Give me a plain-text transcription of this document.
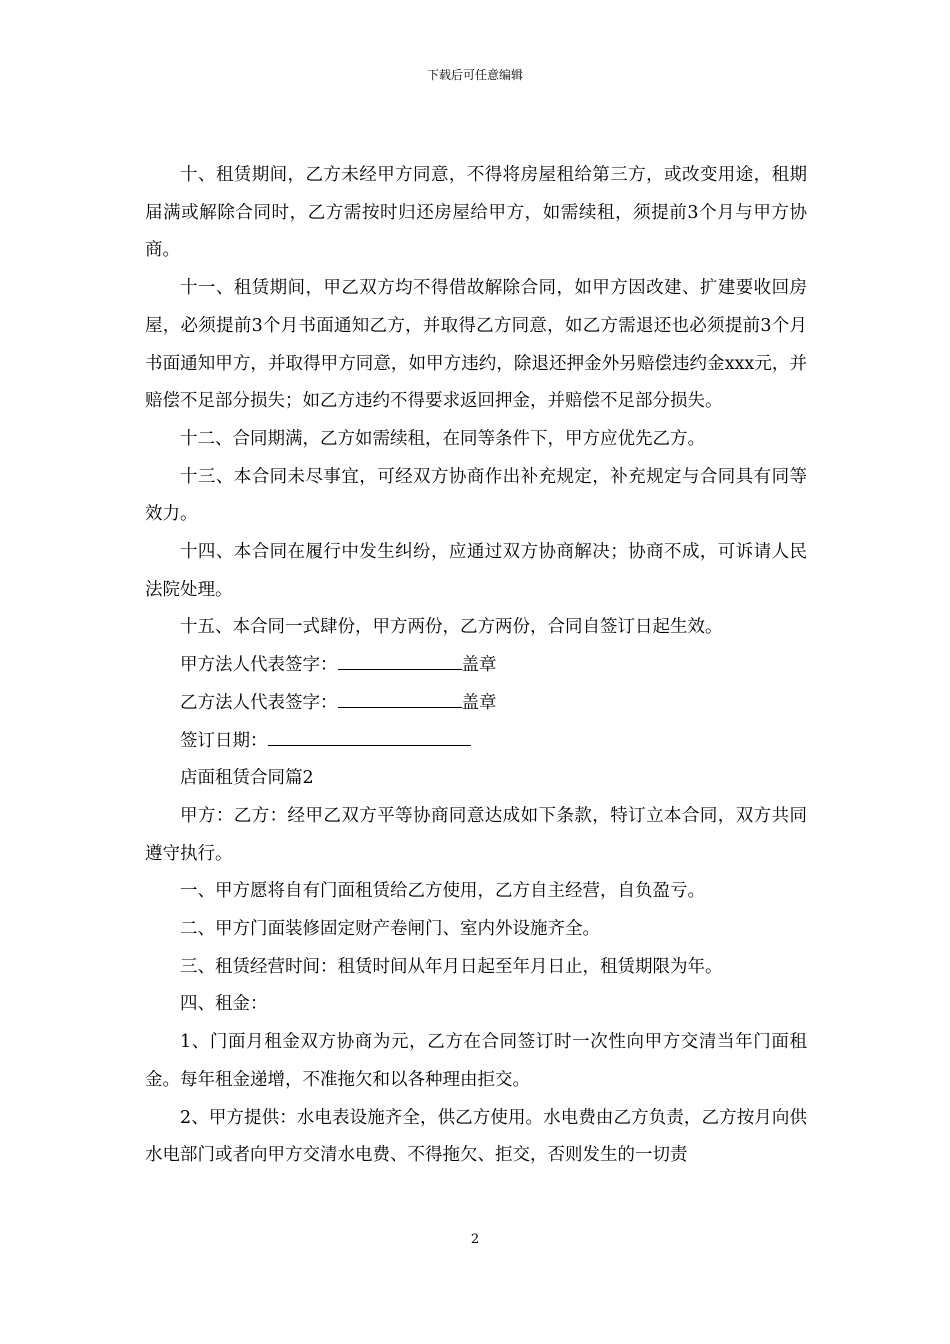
下载后可任意编辑

十、租赁期间，乙方未经甲方同意，不得将房屋租给第三方，或改变用途，租期届满或解除合同时，乙方需按时归还房屋给甲方，如需续租，须提前3个月与甲方协商。

十一、租赁期间，甲乙双方均不得借故解除合同，如甲方因改建、扩建要收回房屋，必须提前3个月书面通知乙方，并取得乙方同意，如乙方需退还也必须提前3个月书面通知甲方，并取得甲方同意，如甲方违约，除退还押金外另赔偿违约金xxx元，并赔偿不足部分损失；如乙方违约不得要求返回押金，并赔偿不足部分损失。

十二、合同期满，乙方如需续租，在同等条件下，甲方应优先乙方。

十三、本合同未尽事宜，可经双方协商作出补充规定，补充规定与合同具有同等效力。

十四、本合同在履行中发生纠纷，应通过双方协商解决；协商不成，可诉请人民法院处理。

十五、本合同一式肆份，甲方两份，乙方两份，合同自签订日起生效。

甲方法人代表签字：	盖章
乙方法人代表签字：	盖章
签订日期：

店面租赁合同篇2

甲方：乙方：经甲乙双方平等协商同意达成如下条款，特订立本合同，双方共同遵守执行。

一、甲方愿将自有门面租赁给乙方使用，乙方自主经营，自负盈亏。

二、甲方门面装修固定财产卷闸门、室内外设施齐全。

三、租赁经营时间：租赁时间从年月日起至年月日止，租赁期限为年。

四、租金：

1、门面月租金双方协商为元，乙方在合同签订时一次性向甲方交清当年门面租金。每年租金递增，不准拖欠和以各种理由拒交。

2、甲方提供：水电表设施齐全，供乙方使用。水电费由乙方负责，乙方按月向供水电部门或者向甲方交清水电费、不得拖欠、拒交，否则发生的一切责

2
